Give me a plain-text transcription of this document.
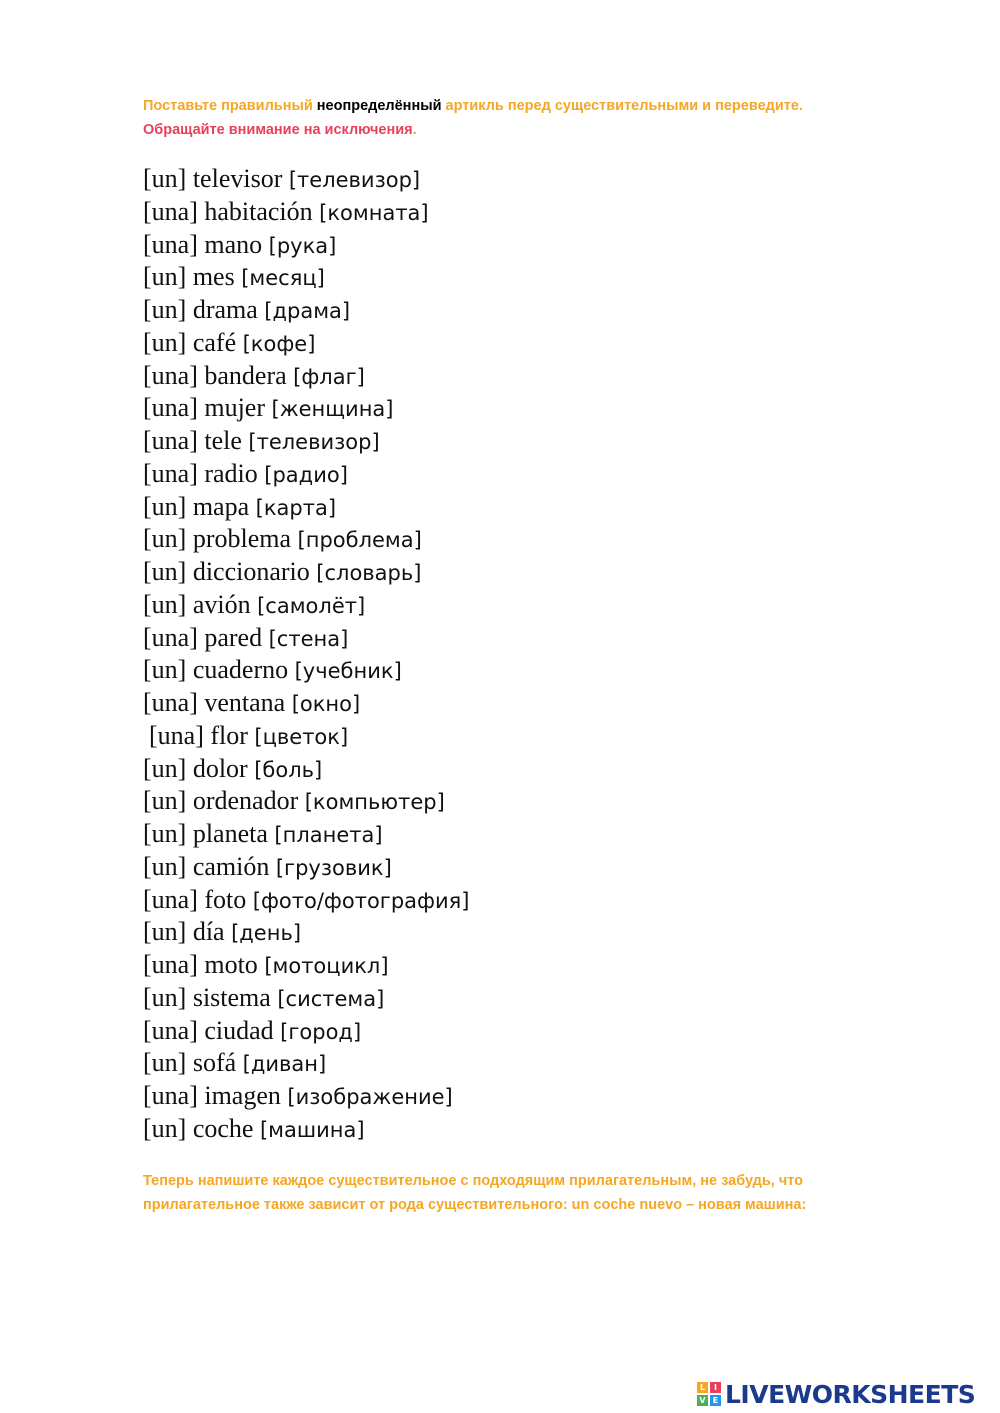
Поставьте правильный неопределённый артикль перед существительными и переведите.
Обращайте внимание на исключения.
[un] televisor [телевизор]
[una] habitación [комната]
[una] mano [рука]
[un] mes [месяц]
[un] drama [драма]
[un] café [кофе]
[una] bandera [флаг]
[una] mujer [женщина]
[una] tele [телевизор]
[una] radio [радио]
[un] mapa [карта]
[un] problema [проблема]
[un] diccionario [словарь]
[un] avión [самолёт]
[una] pared [стена]
[un] cuaderno [учебник]
[una] ventana [окно]
[una] flor [цветок]
[un] dolor [боль]
[un] ordenador [компьютер]
[un] planeta [планета]
[un] camión [грузовик]
[una] foto [фото/фотография]
[un] día [день]
[una] moto [мотоцикл]
[un] sistema [система]
[una] ciudad [город]
[un] sofá [диван]
[una] imagen [изображение]
[un] coche [машина]
Теперь напишите каждое существительное с подходящим прилагательным, не забудь, что
прилагательное также зависит от рода существительного: un coche nuevo – новая машина:
L	I
V E LIVEWORKSHEETS
